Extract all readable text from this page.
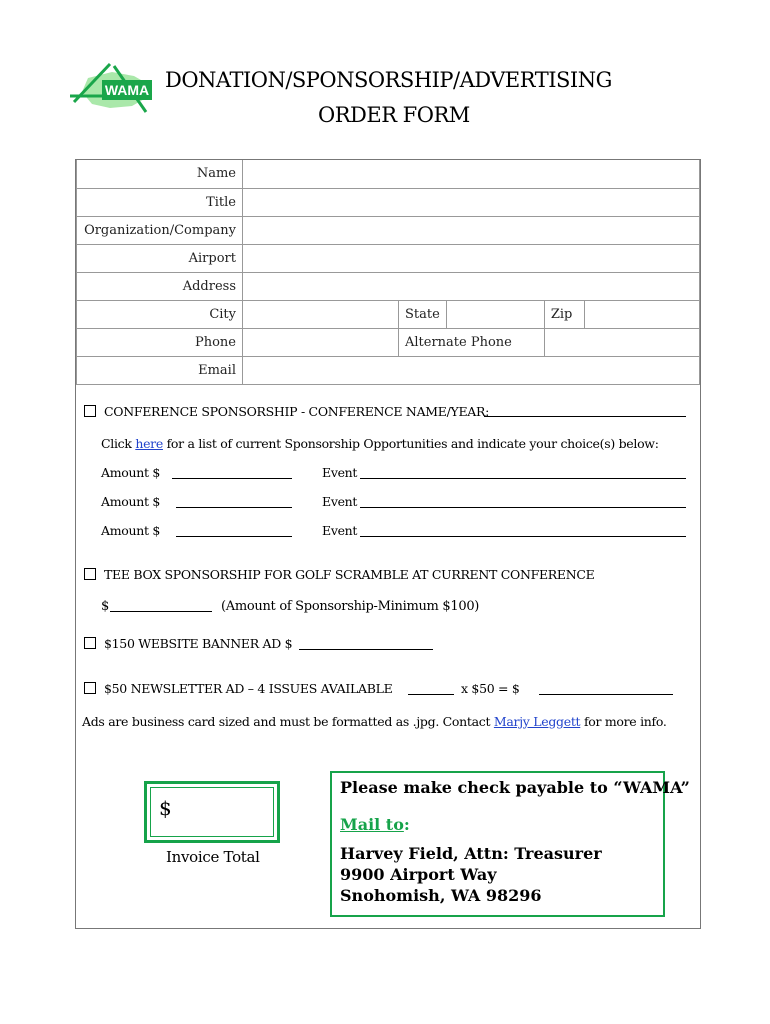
WAMA DONATION/SPONSORSHIP/ADVERTISING
ORDER FORM
Name					
Title					
Organization/Company					
Airport					
Address					
City		State		Zip	
Phone		Alternate Phone			
Email					
CONFERENCE SPONSORSHIP - CONFERENCE NAME/YEAR:
Click here for a list of current Sponsorship Opportunities and indicate your choice(s) below:
Amount $	Event
Amount $	Event
Amount $	Event
TEE BOX SPONSORSHIP FOR GOLF SCRAMBLE AT CURRENT CONFERENCE
$	(Amount of Sponsorship-Minimum $100)
$150 WEBSITE BANNER AD $
$50 NEWSLETTER AD – 4 ISSUES AVAILABLE	x $50 = $
Ads are business card sized and must be formatted as .jpg. Contact Marjy Leggett for more info.
$
Invoice Total
Please make check payable to “WAMA”
Mail to:
Harvey Field, Attn: Treasurer
9900 Airport Way
Snohomish, WA 98296
